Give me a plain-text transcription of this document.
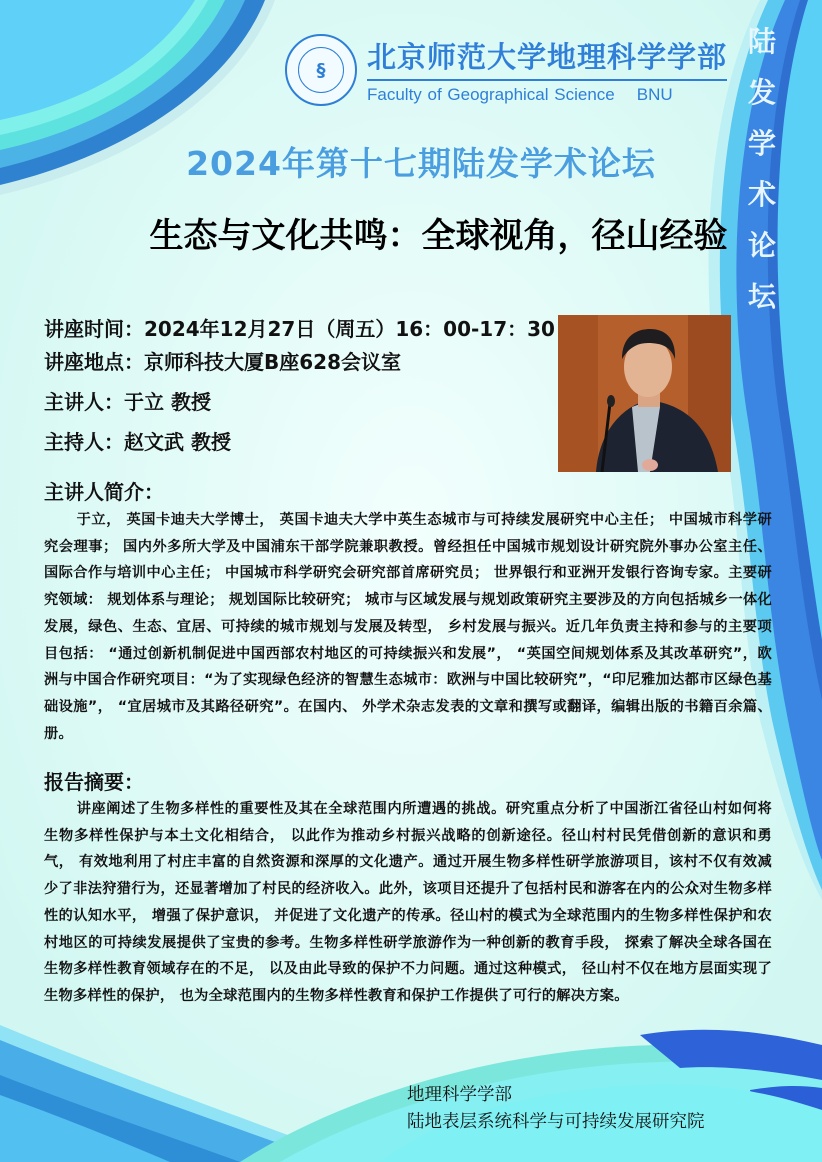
§	北京师范大学地理科学学部
Faculty of Geographical Science BNU
陆
发
学
术
论
坛
2024年第十七期陆发学术论坛
生态与文化共鸣：全球视角，径山经验
讲座时间：2024年12月27日（周五）16：00-17：30
讲座地点：京师科技大厦B座628会议室
主讲人：于立 教授
主持人：赵文武 教授
主讲人简介：
于立， 英国卡迪夫大学博士， 英国卡迪夫大学中英生态城市与可持续发展研究中心主任； 中国城市科学研究会理事； 国内外多所大学及中国浦东干部学院兼职教授。曾经担任中国城市规划设计研究院外事办公室主任、国际合作与培训中心主任； 中国城市科学研究会研究部首席研究员； 世界银行和亚洲开发银行咨询专家。主要研究领域： 规划体系与理论； 规划国际比较研究； 城市与区域发展与规划政策研究主要涉及的方向包括城乡一体化发展，绿色、生态、宜居、可持续的城市规划与发展及转型， 乡村发展与振兴。近几年负责主持和参与的主要项目包括： “通过创新机制促进中国西部农村地区的可持续振兴和发展”， “英国空间规划体系及其改革研究”，欧洲与中国合作研究项目：“为了实现绿色经济的智慧生态城市：欧洲与中国比较研究”，“印尼雅加达都市区绿色基础设施”， “宜居城市及其路径研究”。在国内、 外学术杂志发表的文章和撰写或翻译，编辑出版的书籍百余篇、册。
报告摘要：
讲座阐述了生物多样性的重要性及其在全球范围内所遭遇的挑战。研究重点分析了中国浙江省径山村如何将生物多样性保护与本土文化相结合， 以此作为推动乡村振兴战略的创新途径。径山村村民凭借创新的意识和勇气， 有效地利用了村庄丰富的自然资源和深厚的文化遗产。通过开展生物多样性研学旅游项目，该村不仅有效减少了非法狩猎行为，还显著增加了村民的经济收入。此外，该项目还提升了包括村民和游客在内的公众对生物多样性的认知水平， 增强了保护意识， 并促进了文化遗产的传承。径山村的模式为全球范围内的生物多样性保护和农村地区的可持续发展提供了宝贵的参考。生物多样性研学旅游作为一种创新的教育手段， 探索了解决全球各国在生物多样性教育领域存在的不足， 以及由此导致的保护不力问题。通过这种模式， 径山村不仅在地方层面实现了生物多样性的保护， 也为全球范围内的生物多样性教育和保护工作提供了可行的解决方案。
地理科学学部
陆地表层系统科学与可持续发展研究院
